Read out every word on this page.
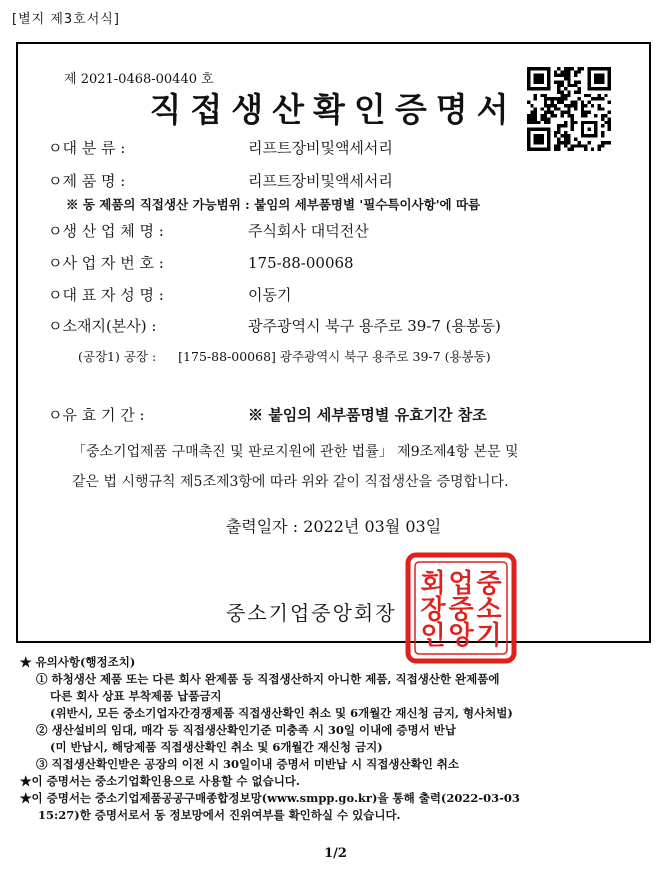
[별지 제3호서식]
제 2021-0468-00440 호
직접생산확인증명서
ㅇ대 분 류 :	리프트장비및액세서리
ㅇ제 품 명 :	리프트장비및액세서리
※ 동 제품의 직접생산 가능범위 : 붙임의 세부품명별 '필수특이사항'에 따름
ㅇ생 산 업 체 명 :	주식회사 대덕전산
ㅇ사 업 자 번 호 :	175-88-00068
ㅇ대 표 자 성 명 :	이동기
ㅇ소재지(본사) :	광주광역시 북구 용주로 39-7 (용봉동)
(공장1) 공장 : [175-88-00068] 광주광역시 북구 용주로 39-7 (용봉동)
ㅇ유 효 기 간 :	※ 붙임의 세부품명별 유효기간 참조
「중소기업제품 구매촉진 및 판로지원에 관한 법률」 제9조제4항 본문 및
같은 법 시행규칙 제5조제3항에 따라 위와 같이 직접생산을 증명합니다.
출력일자 : 2022년 03월 03일
중
소
기
업
중
앙
회
장
인
중소기업중앙회장
★ 유의사항(행정조치)
① 하청생산 제품 또는 다른 회사 완제품 등 직접생산하지 아니한 제품, 직접생산한 완제품에
다른 회사 상표 부착제품 납품금지
(위반시, 모든 중소기업자간경쟁제품 직접생산확인 취소 및 6개월간 재신청 금지, 형사처벌)
② 생산설비의 임대, 매각 등 직접생산확인기준 미충족 시 30일 이내에 증명서 반납
(미 반납시, 해당제품 직접생산확인 취소 및 6개월간 재신청 금지)
③ 직접생산확인받은 공장의 이전 시 30일이내 증명서 미반납 시 직접생산확인 취소
★이 증명서는 중소기업확인용으로 사용할 수 없습니다.
★이 증명서는 중소기업제품공공구매종합정보망(www.smpp.go.kr)을 통해 출력(2022-03-03
15:27)한 증명서로서 동 정보망에서 진위여부를 확인하실 수 있습니다.
1/2
